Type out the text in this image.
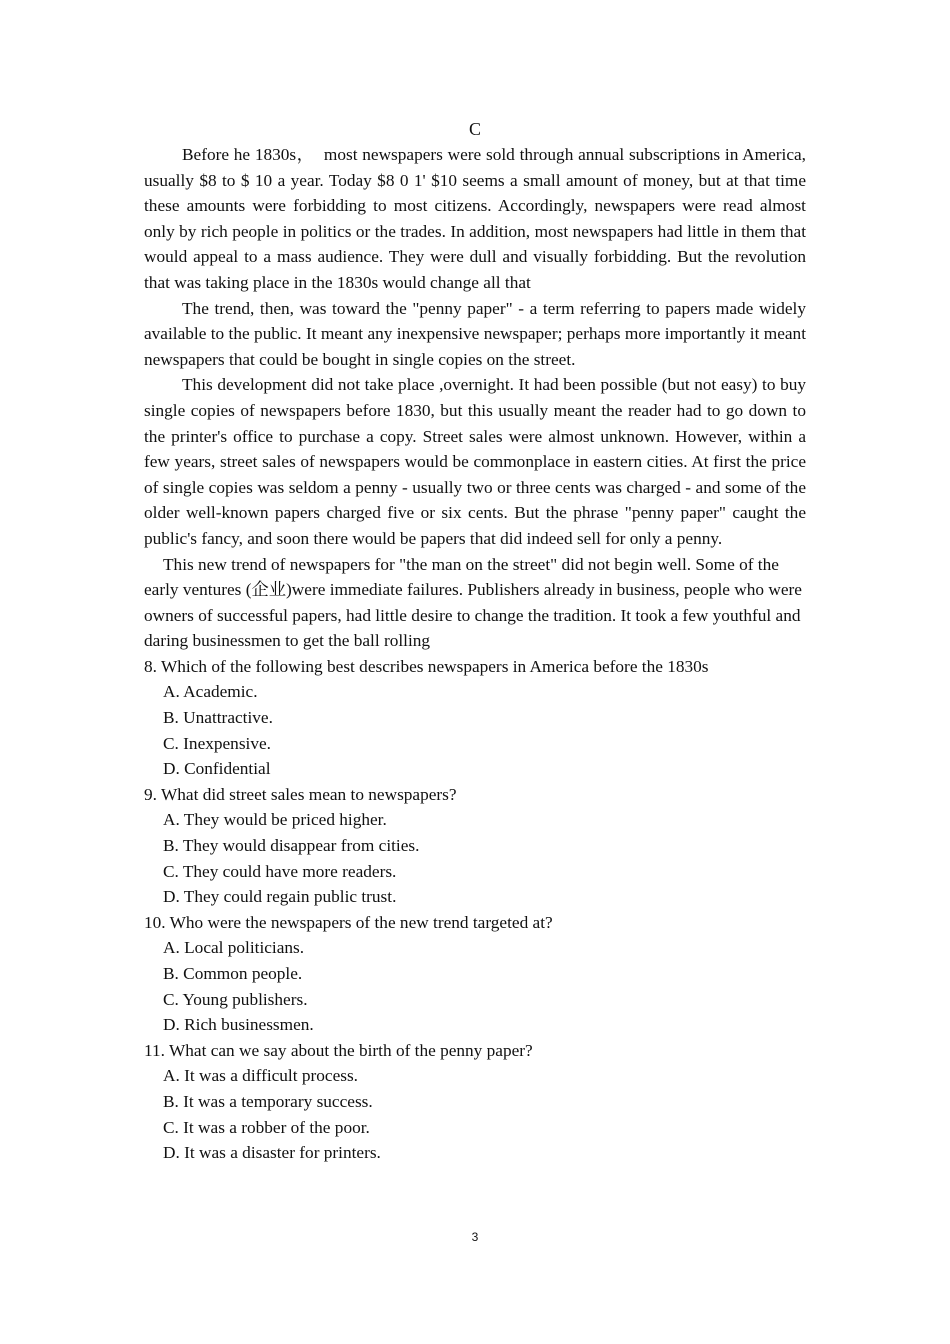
C

Before he 1830s，  most newspapers were sold through annual subscriptions in America, usually $8 to $ 10 a year. Today $8 0 1' $10 seems a small amount of money, but at that time these amounts were forbidding to most citizens. Accordingly, newspapers were read almost only by rich people in politics or the trades. In addition, most newspapers had little in them that would appeal to a mass audience. They were dull and visually forbidding. But the revolution that was taking place in the 1830s would change all that

The trend, then, was toward the "penny paper" - a term referring to papers made widely available to the public. It meant any inexpensive newspaper; perhaps more importantly it meant newspapers that could be bought in single copies on the street.

This development did not take place ,overnight. It had been possible (but not easy) to buy single copies of newspapers before 1830, but this usually meant the reader had to go down to the printer's office to purchase a copy. Street sales were almost unknown. However, within a few years, street sales of newspapers would be commonplace in eastern cities. At first the price of single copies was seldom a penny - usually two or three cents was charged - and some of the older well-known papers charged five or six cents. But the phrase "penny paper" caught the public's fancy, and soon there would be papers that did indeed sell for only a penny.

This new trend of newspapers for "the man on the street" did not begin well. Some of the early ventures (企业)were immediate failures. Publishers already in business, people who were owners of successful papers, had little desire to change the tradition. It took a few youthful and daring businessmen to get the ball rolling

8. Which of the following best describes newspapers in America before the 1830s

A. Academic.

B. Unattractive.

C. Inexpensive.

D. Confidential

9. What did street sales mean to newspapers?

A. They would be priced higher.

B. They would disappear from cities.

C. They could have more readers.

D. They could regain public trust.

10. Who were the newspapers of the new trend targeted at?

A. Local politicians.

B. Common people.

C. Young publishers.

D. Rich businessmen.

11. What can we say about the birth of the penny paper?

A. It was a difficult process.

B. It was a temporary success.

C. It was a robber of the poor.

D. It was a disaster for printers.

3
